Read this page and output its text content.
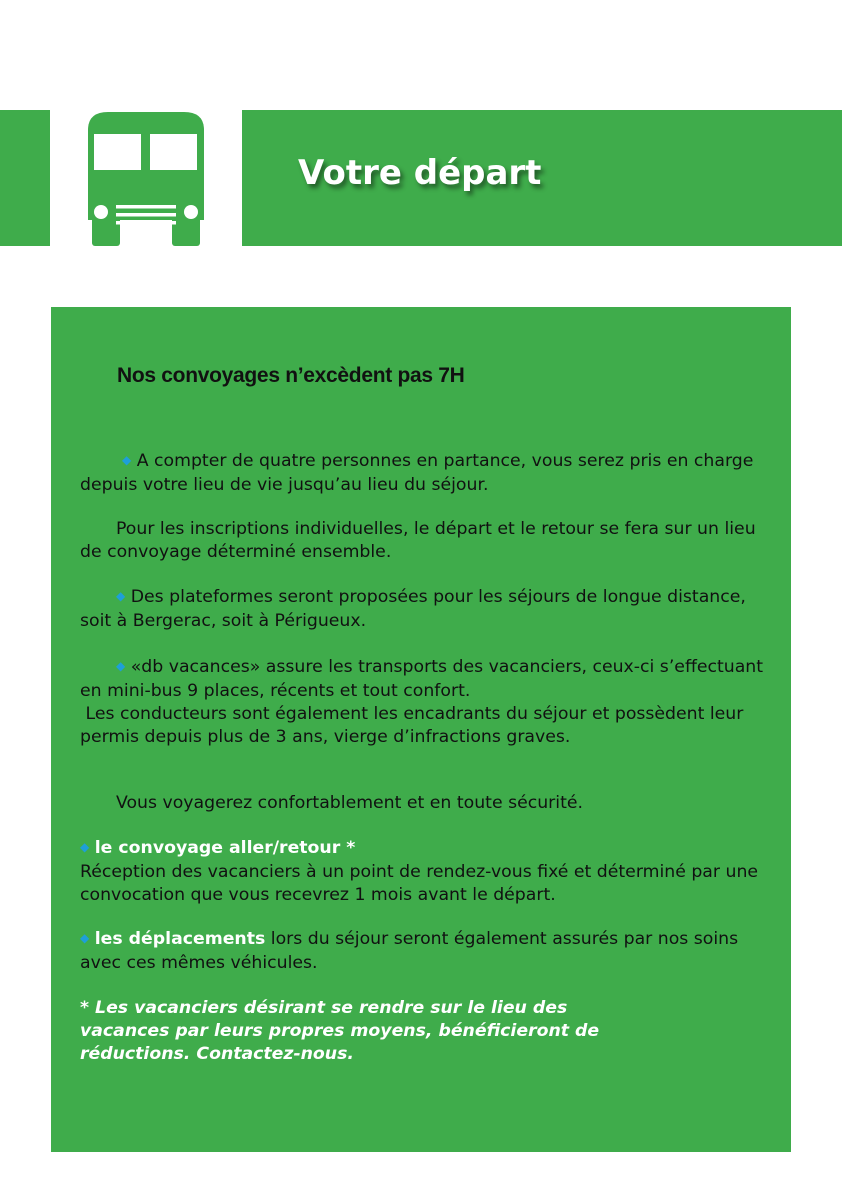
Votre départ
Nos convoyages n’excèdent pas 7H

◆ A compter de quatre personnes en partance, vous serez pris en charge depuis votre lieu de vie jusqu’au lieu du séjour.

Pour les inscriptions individuelles, le départ et le retour se fera sur un lieu de convoyage déterminé ensemble.

◆ Des plateformes seront proposées pour les séjours de longue distance, soit à Bergerac, soit à Périgueux.

◆ «db vacances» assure les transports des vacanciers, ceux-ci s’effectuant en mini-bus 9 places, récents et tout confort.
Les conducteurs sont également les encadrants du séjour et possèdent leur permis depuis plus de 3 ans, vierge d’infractions graves.

Vous voyagerez confortablement et en toute sécurité.

◆ le convoyage aller/retour *
Réception des vacanciers à un point de rendez-vous fixé et déterminé par une convocation que vous recevrez 1 mois avant le départ.

◆ les déplacements lors du séjour seront également assurés par nos soins avec ces mêmes véhicules.

* Les vacanciers désirant se rendre sur le lieu des vacances par leurs propres moyens, bénéficieront de réductions. Contactez-nous.
